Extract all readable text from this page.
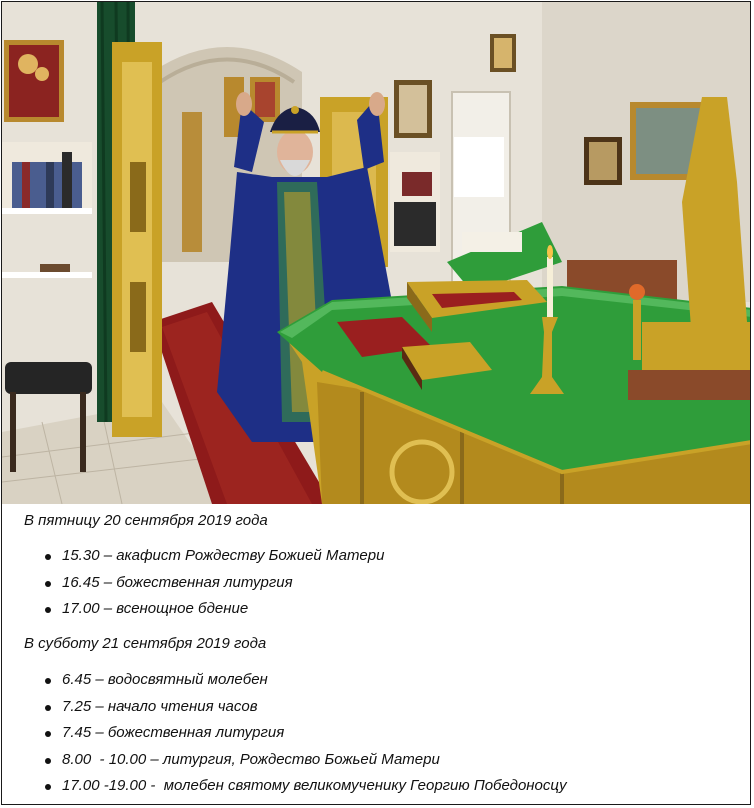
В пятницу 20 сентября 2019 года

15.30 – акафист Рождеству Божией Матери
16.45 – божественная литургия
17.00 – всенощное бдение

В субботу 21 сентября 2019 года

6.45 – водосвятный молебен
7.25 – начало чтения часов
7.45 – божественная литургия
8.00  - 10.00 – литургия, Рождество Божьей Матери
17.00 -19.00 -  молебен святому великомученику Георгию Победоносцу
